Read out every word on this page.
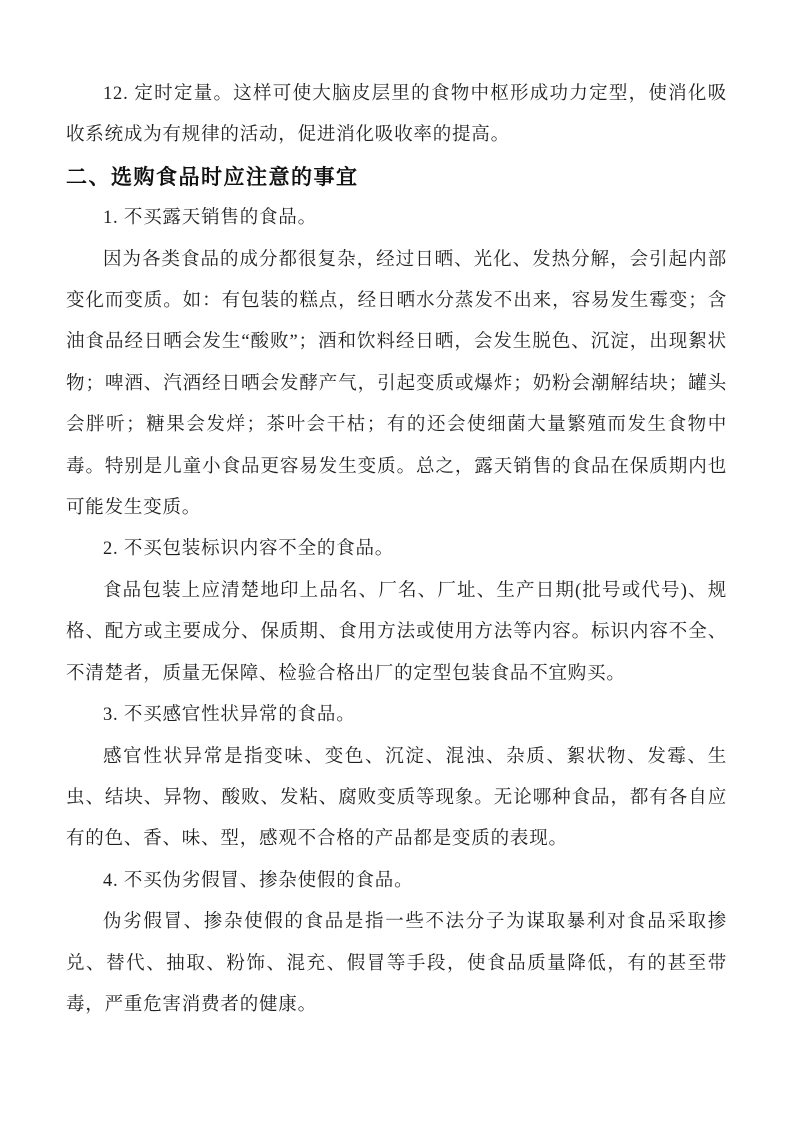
12. 定时定量。这样可使大脑皮层里的食物中枢形成功力定型，使消化吸收系统成为有规律的活动，促进消化吸收率的提高。

二、选购食品时应注意的事宜

1. 不买露天销售的食品。

因为各类食品的成分都很复杂，经过日晒、光化、发热分解，会引起内部变化而变质。如：有包装的糕点，经日晒水分蒸发不出来，容易发生霉变；含油食品经日晒会发生“酸败”；酒和饮料经日晒，会发生脱色、沉淀，出现絮状物；啤酒、汽酒经日晒会发酵产气，引起变质或爆炸；奶粉会潮解结块；罐头会胖听；糖果会发烊；茶叶会干枯；有的还会使细菌大量繁殖而发生食物中毒。特别是儿童小食品更容易发生变质。总之，露天销售的食品在保质期内也可能发生变质。

2. 不买包装标识内容不全的食品。

食品包装上应清楚地印上品名、厂名、厂址、生产日期(批号或代号)、规格、配方或主要成分、保质期、食用方法或使用方法等内容。标识内容不全、不清楚者，质量无保障、检验合格出厂的定型包装食品不宜购买。

3. 不买感官性状异常的食品。

感官性状异常是指变味、变色、沉淀、混浊、杂质、絮状物、发霉、生虫、结块、异物、酸败、发粘、腐败变质等现象。无论哪种食品，都有各自应有的色、香、味、型，感观不合格的产品都是变质的表现。

4. 不买伪劣假冒、掺杂使假的食品。

伪劣假冒、掺杂使假的食品是指一些不法分子为谋取暴利对食品采取掺兑、替代、抽取、粉饰、混充、假冒等手段，使食品质量降低，有的甚至带毒，严重危害消费者的健康。
